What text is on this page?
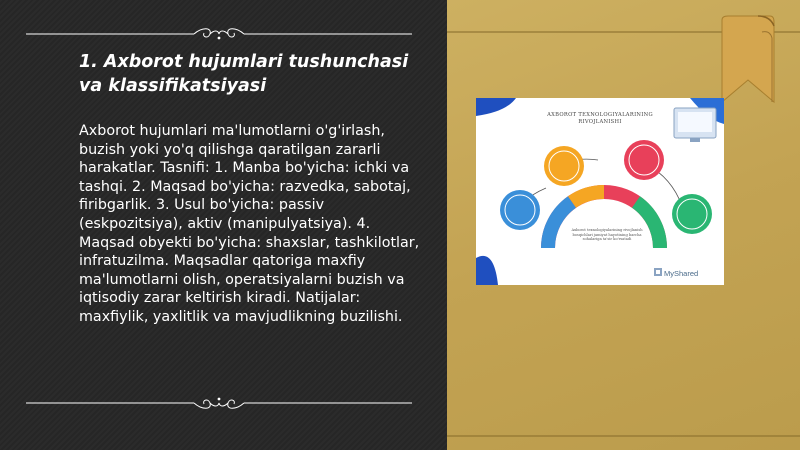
1. Axborot hujumlari tushunchasi va klassifikatsiyasi

Axborot hujumlari ma'lumotlarni o'g'irlash, buzish yoki yo'q qilishga qaratilgan zararli harakatlar. Tasnifi: 1. Manba bo'yicha: ichki va tashqi. 2. Maqsad bo'yicha: razvedka, sabotaj, firibgarlik. 3. Usul bo'yicha: passiv (eskpozitsiya), aktiv (manipulyatsiya). 4. Maqsad obyekti bo'yicha: shaxslar, tashkilotlar, infratuzilma. Maqsadlar qatoriga maxfiy ma'lumotlarni olish, operatsiyalarni buzish va iqtisodiy zarar keltirish kiradi. Natijalar: maxfiylik, yaxlitlik va mavjudlikning buzilishi.

AXBOROT TEXNOLOGIYALARINING
RIVOJLANISHI
Axborot texnologiyalarining rivojlanish bosqichlari jamiyat hayotining barcha sohalariga ta'sir ko'rsatadi
MyShared
